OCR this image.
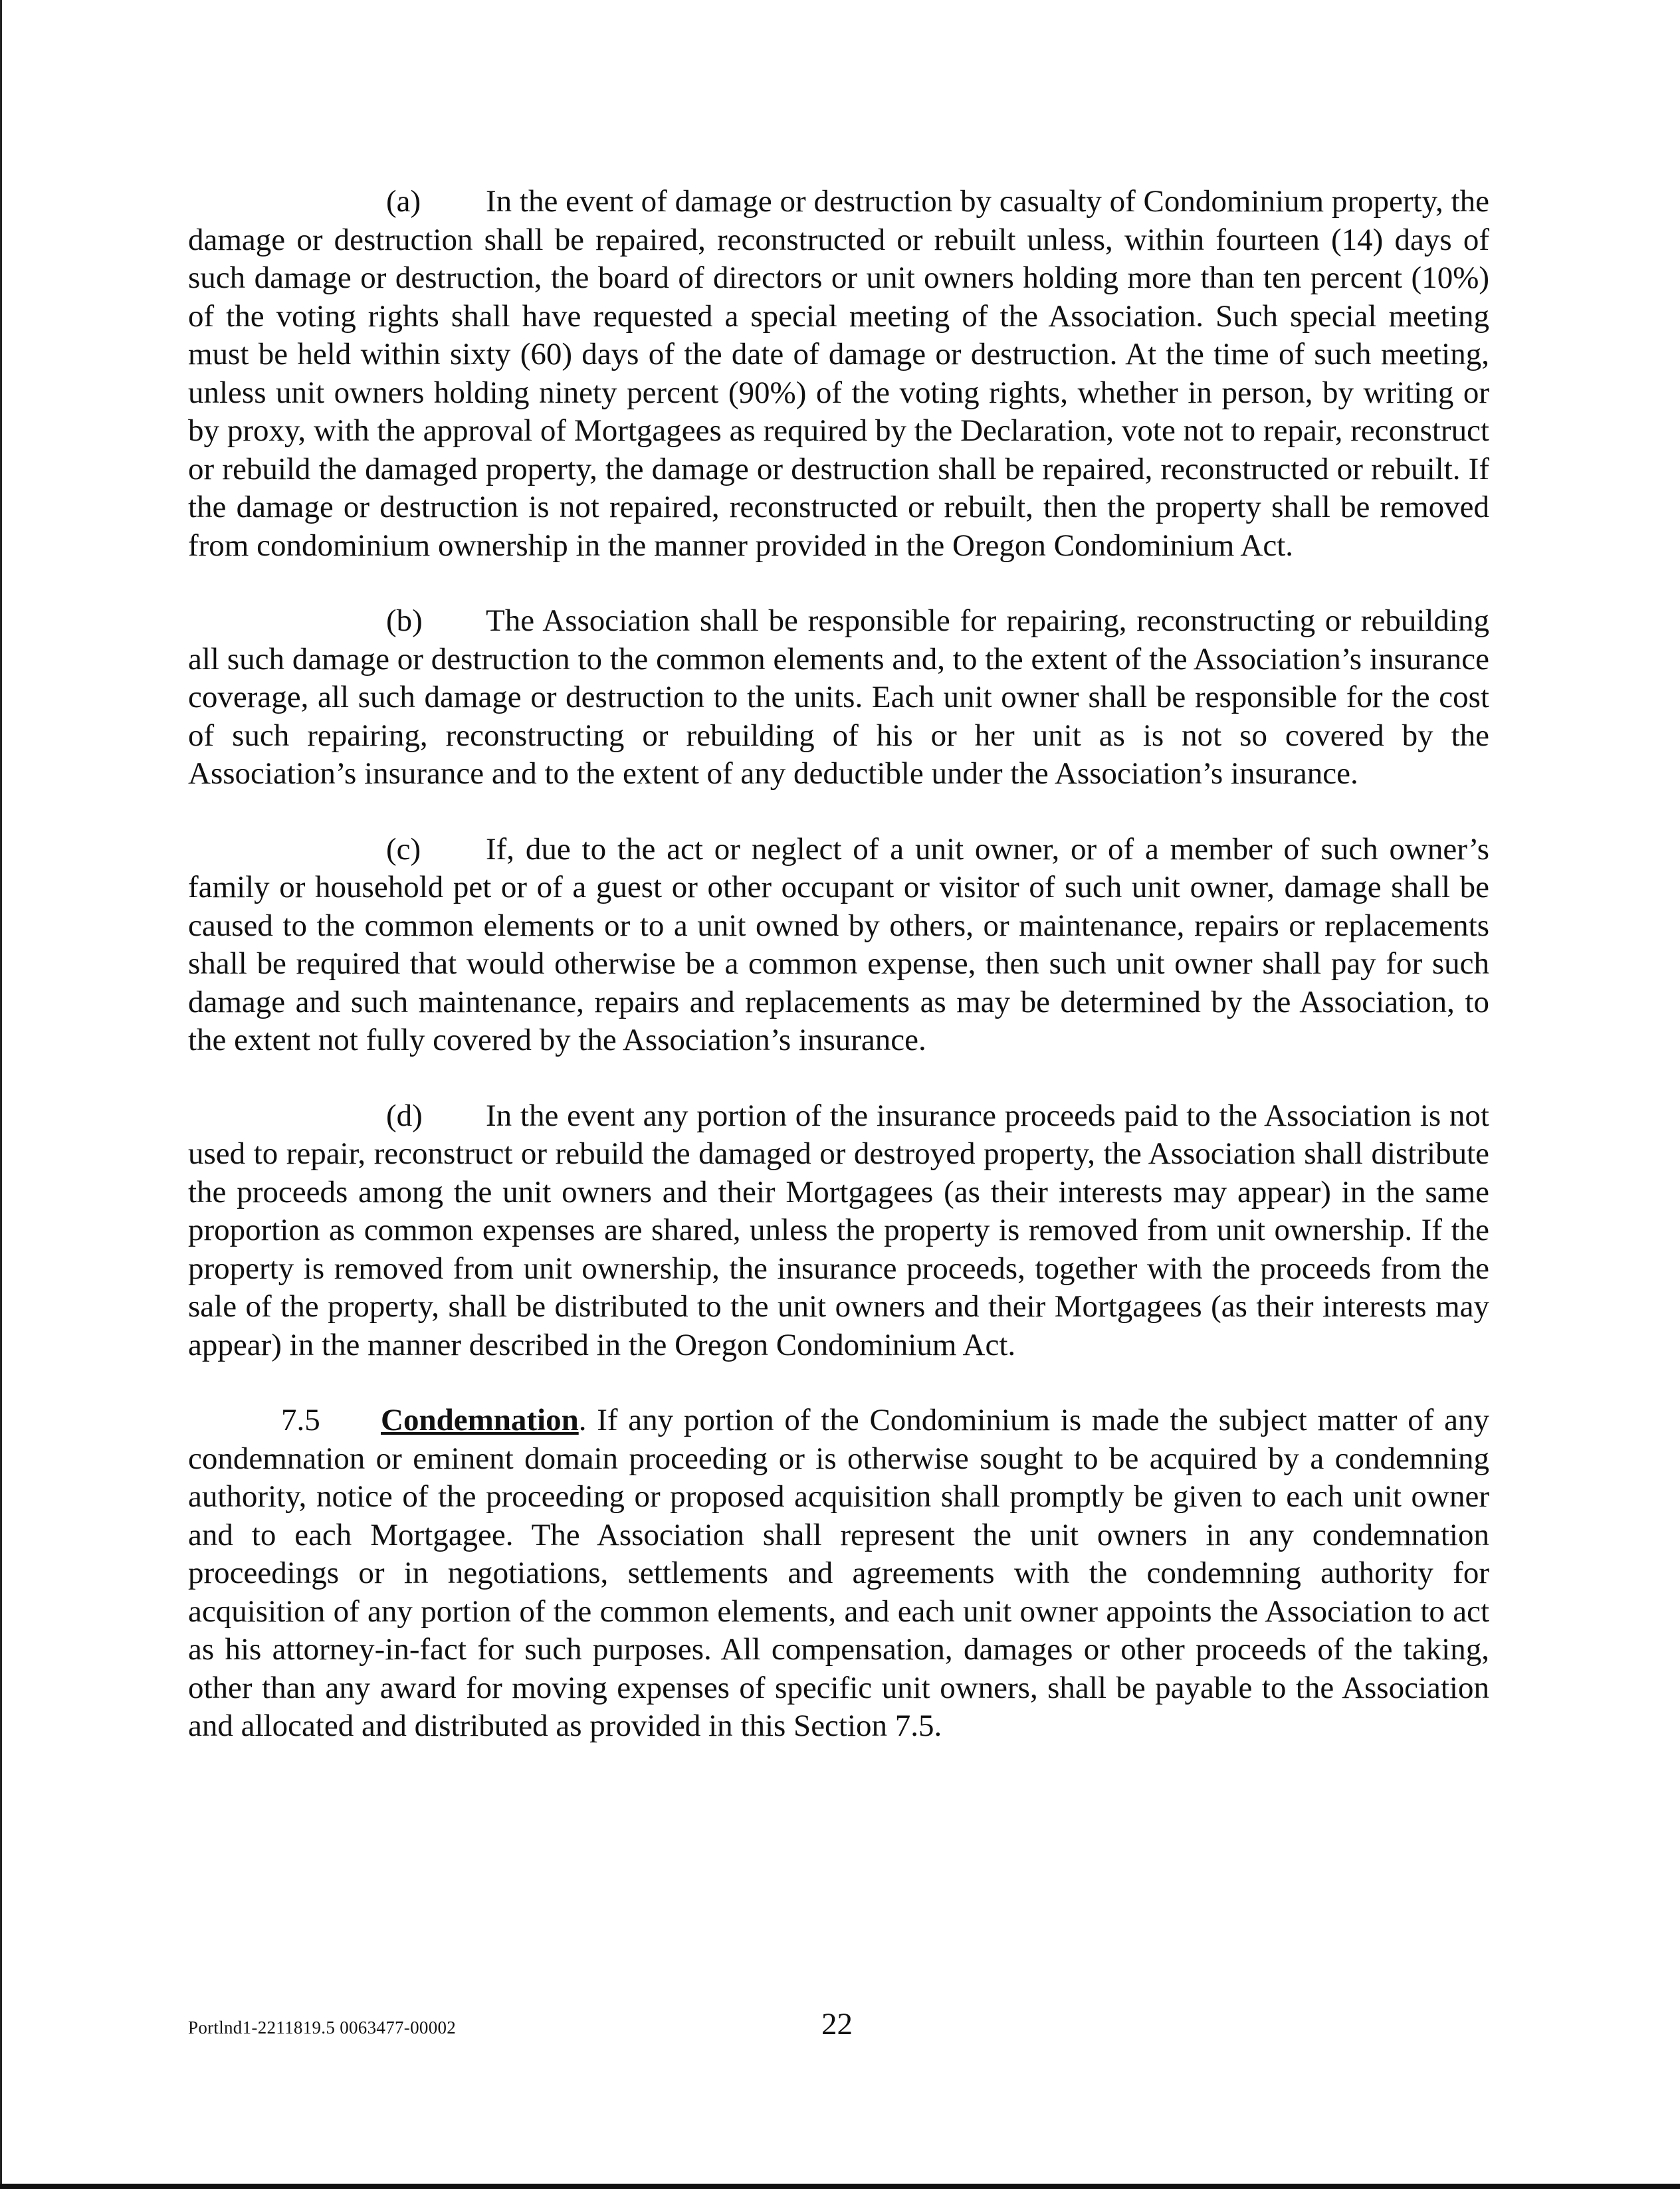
(a) In the event of damage or destruction by casualty of Condominium property, the damage or destruction shall be repaired, reconstructed or rebuilt unless, within fourteen (14) days of such damage or destruction, the board of directors or unit owners holding more than ten percent (10%) of the voting rights shall have requested a special meeting of the Association. Such special meeting must be held within sixty (60) days of the date of damage or destruction. At the time of such meeting, unless unit owners holding ninety percent (90%) of the voting rights, whether in person, by writing or by proxy, with the approval of Mortgagees as required by the Declaration, vote not to repair, reconstruct or rebuild the damaged property, the damage or destruction shall be repaired, reconstructed or rebuilt. If the damage or destruction is not repaired, reconstructed or rebuilt, then the property shall be removed from condominium ownership in the manner provided in the Oregon Condominium Act.

(b) The Association shall be responsible for repairing, reconstructing or rebuilding all such damage or destruction to the common elements and, to the extent of the Association’s insurance coverage, all such damage or destruction to the units. Each unit owner shall be responsible for the cost of such repairing, reconstructing or rebuilding of his or her unit as is not so covered by the Association’s insurance and to the extent of any deductible under the Association’s insurance.

(c) If, due to the act or neglect of a unit owner, or of a member of such owner’s family or household pet or of a guest or other occupant or visitor of such unit owner, damage shall be caused to the common elements or to a unit owned by others, or maintenance, repairs or replacements shall be required that would otherwise be a common expense, then such unit owner shall pay for such damage and such maintenance, repairs and replacements as may be determined by the Association, to the extent not fully covered by the Association’s insurance.

(d) In the event any portion of the insurance proceeds paid to the Association is not used to repair, reconstruct or rebuild the damaged or destroyed property, the Association shall distribute the proceeds among the unit owners and their Mortgagees (as their interests may appear) in the same proportion as common expenses are shared, unless the property is removed from unit ownership. If the property is removed from unit ownership, the insurance proceeds, together with the proceeds from the sale of the property, shall be distributed to the unit owners and their Mortgagees (as their interests may appear) in the manner described in the Oregon Condominium Act.

7.5 Condemnation. If any portion of the Condominium is made the subject matter of any condemnation or eminent domain proceeding or is otherwise sought to be acquired by a condemning authority, notice of the proceeding or proposed acquisition shall promptly be given to each unit owner and to each Mortgagee. The Association shall represent the unit owners in any condemnation proceedings or in negotiations, settlements and agreements with the condemning authority for acquisition of any portion of the common elements, and each unit owner appoints the Association to act as his attorney-in-fact for such purposes. All compensation, damages or other proceeds of the taking, other than any award for moving expenses of specific unit owners, shall be payable to the Association and allocated and distributed as provided in this Section 7.5.

Portlnd1-2211819.5 0063477-00002	22
